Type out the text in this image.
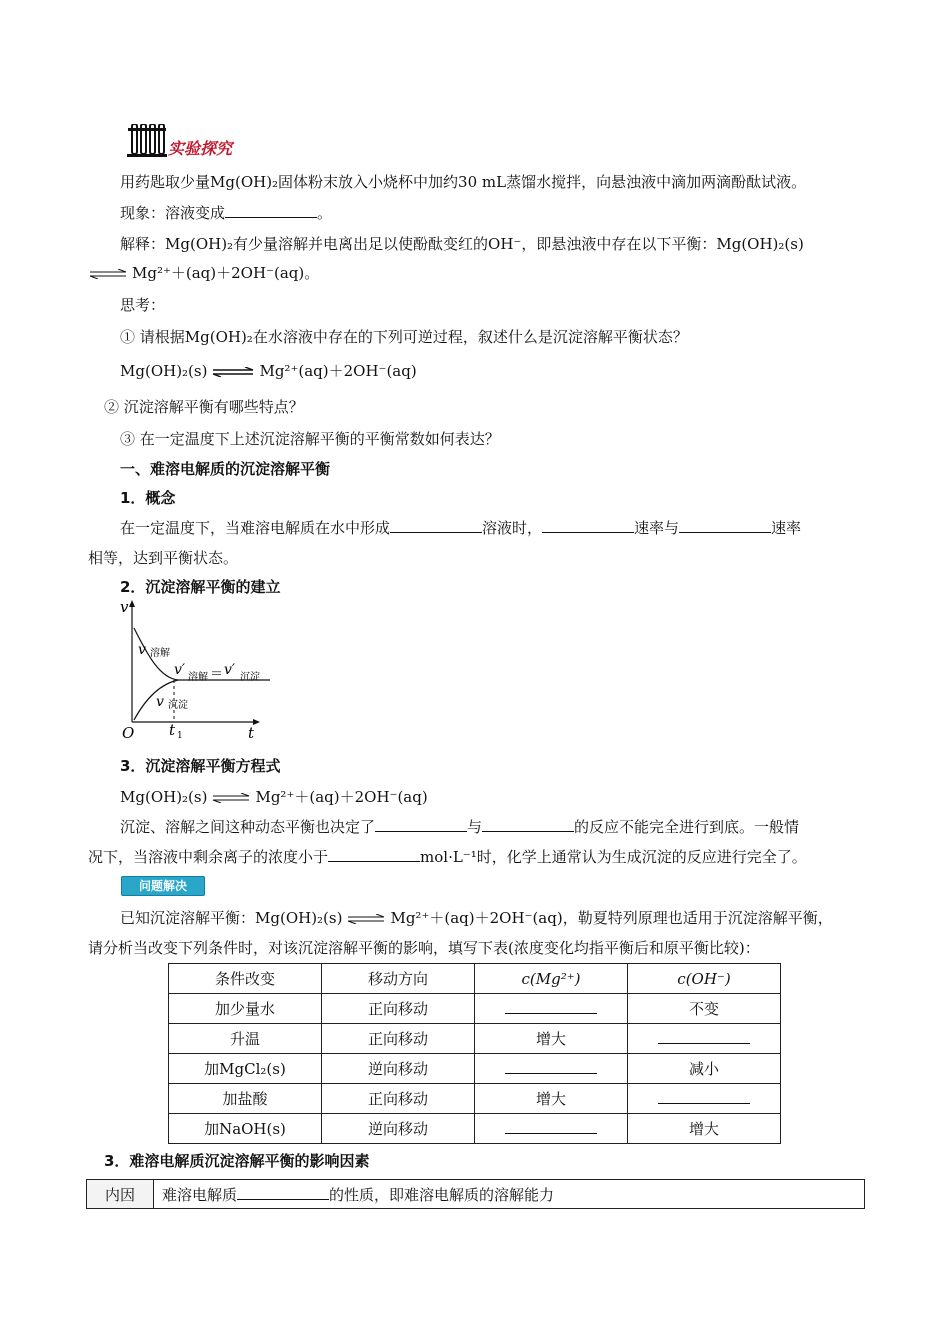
实验探究
用药匙取少量Mg(OH)₂固体粉末放入小烧杯中加约30 mL蒸馏水搅拌，向悬浊液中滴加两滴酚酞试液。
现象：溶液变成	。
解释：Mg(OH)₂有少量溶解并电离出足以使酚酞变红的OH⁻，即悬浊液中存在以下平衡：Mg(OH)₂(s)
⇌ Mg²⁺＋(aq)＋2OH⁻(aq)。
思考：
① 请根据Mg(OH)₂在水溶液中存在的下列可逆过程，叙述什么是沉淀溶解平衡状态？
Mg(OH)₂(s) ⇌ Mg²⁺(aq)＋2OH⁻(aq)
② 沉淀溶解平衡有哪些特点？
③ 在一定温度下上述沉淀溶解平衡的平衡常数如何表达？
一、难溶电解质的沉淀溶解平衡
1．概念
在一定温度下，当难溶电解质在水中形成	溶液时，	速率与	速率
相等，达到平衡状态。
2．沉淀溶解平衡的建立
v
t
O t 1
v 溶解
v 沉淀
v′ 溶解 ＝ v′ 沉淀
3．沉淀溶解平衡方程式
Mg(OH)₂(s) ⇌ Mg²⁺＋(aq)＋2OH⁻(aq)
沉淀、溶解之间这种动态平衡也决定了	与	的反应不能完全进行到底。一般情
况下，当溶液中剩余离子的浓度小于	mol·L⁻¹时，化学上通常认为生成沉淀的反应进行完全了。
问题解决
已知沉淀溶解平衡：Mg(OH)₂(s) ⇌ Mg²⁺＋(aq)＋2OH⁻(aq)，勒夏特列原理也适用于沉淀溶解平衡，
请分析当改变下列条件时，对该沉淀溶解平衡的影响，填写下表(浓度变化均指平衡后和原平衡比较)：
条件改变	移动方向	c(Mg²⁺)	c(OH⁻)
加少量水	正向移动		不变
升温	正向移动	增大	
加MgCl₂(s)	逆向移动		减小
加盐酸	正向移动	增大	
加NaOH(s)	逆向移动		增大
3．难溶电解质沉淀溶解平衡的影响因素
内因	难溶电解质	的性质，即难溶电解质的溶解能力
